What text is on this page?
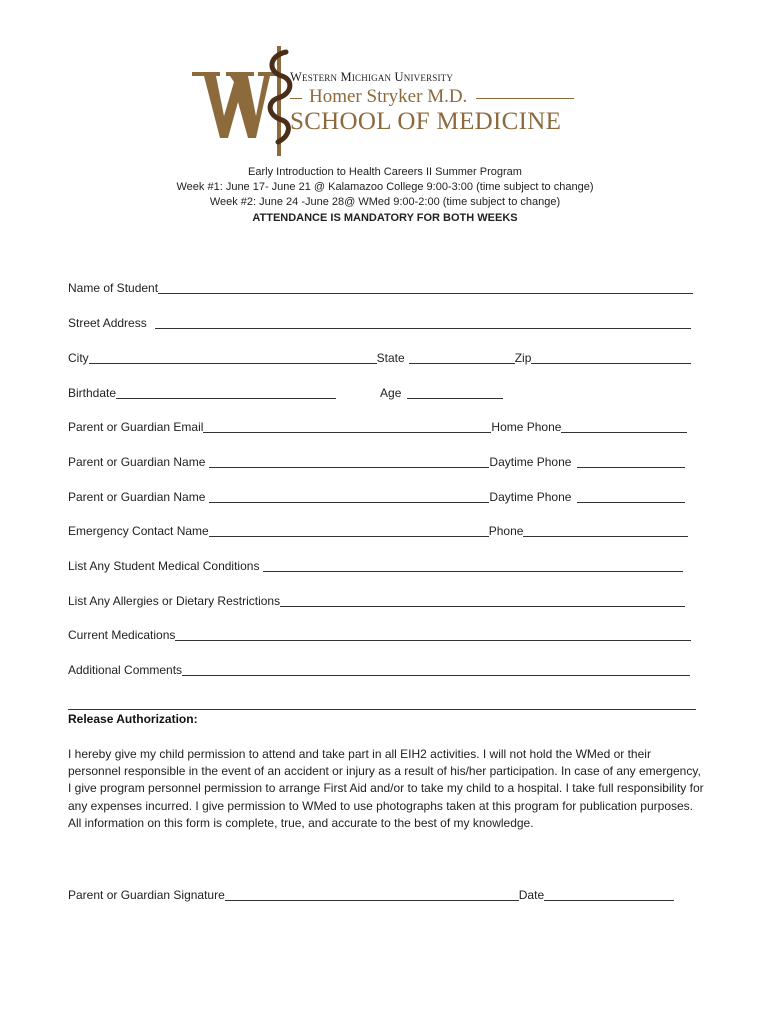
Western Michigan University
Homer Stryker M.D.
SCHOOL OF MEDICINE
Early Introduction to Health Careers II Summer Program
Week #1: June 17- June 21 @ Kalamazoo College 9:00-3:00 (time subject to change)
Week #2: June 24 -June 28@ WMed 9:00-2:00 (time subject to change)
ATTENDANCE IS MANDATORY FOR BOTH WEEKS
Name of Student
Street Address
City	State	Zip
Birthdate	Age
Parent or Guardian Email	Home Phone
Parent or Guardian Name	Daytime Phone
Parent or Guardian Name	Daytime Phone
Emergency Contact Name	Phone
List Any Student Medical Conditions
List Any Allergies or Dietary Restrictions
Current Medications
Additional Comments
Release Authorization:
I hereby give my child permission to attend and take part in all EIH2 activities. I will not hold the WMed or their personnel responsible in the event of an accident or injury as a result of his/her participation. In case of any emergency, I give program personnel permission to arrange First Aid and/or to take my child to a hospital. I take full responsibility for any expenses incurred. I give permission to WMed to use photographs taken at this program for publication purposes. All information on this form is complete, true, and accurate to the best of my knowledge.
Parent or Guardian Signature	Date
